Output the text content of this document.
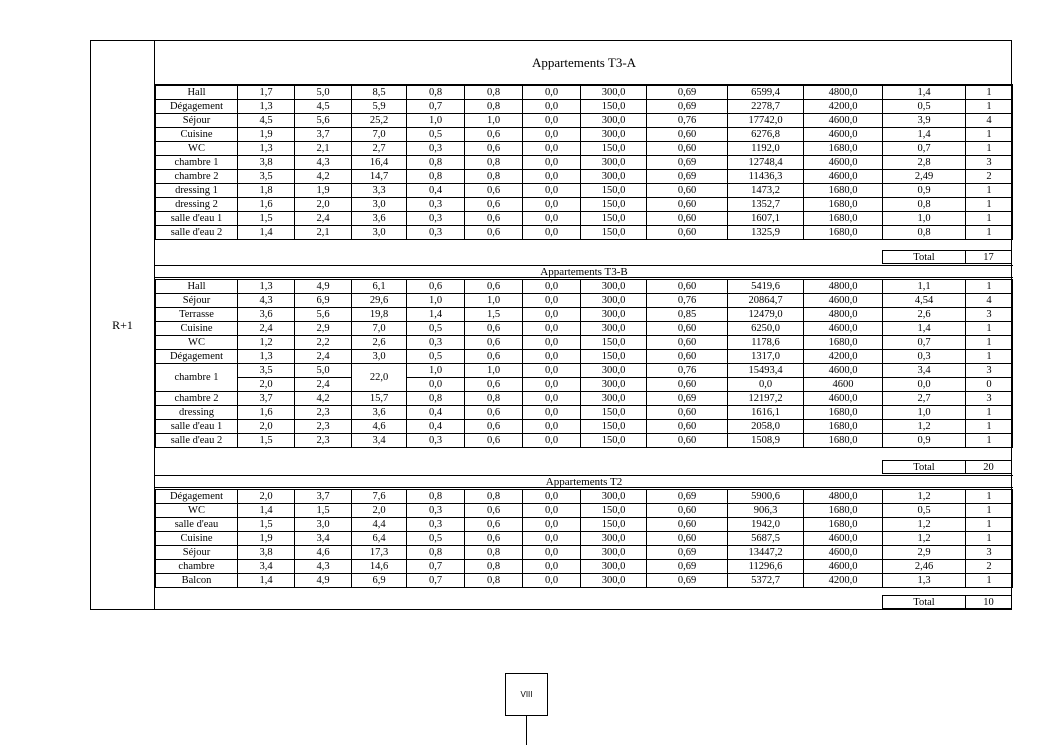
R+1
Appartements T3-A
Hall	1,7	5,0	8,5	0,8	0,8	0,0	300,0	0,69	6599,4	4800,0	1,4	1
Dégagement	1,3	4,5	5,9	0,7	0,8	0,0	150,0	0,69	2278,7	4200,0	0,5	1
Séjour	4,5	5,6	25,2	1,0	1,0	0,0	300,0	0,76	17742,0	4600,0	3,9	4
Cuisine	1,9	3,7	7,0	0,5	0,6	0,0	300,0	0,60	6276,8	4600,0	1,4	1
WC	1,3	2,1	2,7	0,3	0,6	0,0	150,0	0,60	1192,0	1680,0	0,7	1
chambre 1	3,8	4,3	16,4	0,8	0,8	0,0	300,0	0,69	12748,4	4600,0	2,8	3
chambre 2	3,5	4,2	14,7	0,8	0,8	0,0	300,0	0,69	11436,3	4600,0	2,49	2
dressing 1	1,8	1,9	3,3	0,4	0,6	0,0	150,0	0,60	1473,2	1680,0	0,9	1
dressing 2	1,6	2,0	3,0	0,3	0,6	0,0	150,0	0,60	1352,7	1680,0	0,8	1
salle d'eau 1	1,5	2,4	3,6	0,3	0,6	0,0	150,0	0,60	1607,1	1680,0	1,0	1
salle d'eau 2	1,4	2,1	3,0	0,3	0,6	0,0	150,0	0,60	1325,9	1680,0	0,8	1
Total	17
Appartements T3-B
Hall	1,3	4,9	6,1	0,6	0,6	0,0	300,0	0,60	5419,6	4800,0	1,1	1
Séjour	4,3	6,9	29,6	1,0	1,0	0,0	300,0	0,76	20864,7	4600,0	4,54	4
Terrasse	3,6	5,6	19,8	1,4	1,5	0,0	300,0	0,85	12479,0	4800,0	2,6	3
Cuisine	2,4	2,9	7,0	0,5	0,6	0,0	300,0	0,60	6250,0	4600,0	1,4	1
WC	1,2	2,2	2,6	0,3	0,6	0,0	150,0	0,60	1178,6	1680,0	0,7	1
Dégagement	1,3	2,4	3,0	0,5	0,6	0,0	150,0	0,60	1317,0	4200,0	0,3	1
chambre 1	3,5	5,0	22,0	1,0	1,0	0,0	300,0	0,76	15493,4	4600,0	3,4	3
	2,0	2,4		0,0	0,6	0,0	300,0	0,60	0,0	4600	0,0	0
chambre 2	3,7	4,2	15,7	0,8	0,8	0,0	300,0	0,69	12197,2	4600,0	2,7	3
dressing	1,6	2,3	3,6	0,4	0,6	0,0	150,0	0,60	1616,1	1680,0	1,0	1
salle d'eau 1	2,0	2,3	4,6	0,4	0,6	0,0	150,0	0,60	2058,0	1680,0	1,2	1
salle d'eau 2	1,5	2,3	3,4	0,3	0,6	0,0	150,0	0,60	1508,9	1680,0	0,9	1
Total	20
Appartements T2
Dégagement	2,0	3,7	7,6	0,8	0,8	0,0	300,0	0,69	5900,6	4800,0	1,2	1
WC	1,4	1,5	2,0	0,3	0,6	0,0	150,0	0,60	906,3	1680,0	0,5	1
salle d'eau	1,5	3,0	4,4	0,3	0,6	0,0	150,0	0,60	1942,0	1680,0	1,2	1
Cuisine	1,9	3,4	6,4	0,5	0,6	0,0	300,0	0,60	5687,5	4600,0	1,2	1
Séjour	3,8	4,6	17,3	0,8	0,8	0,0	300,0	0,69	13447,2	4600,0	2,9	3
chambre	3,4	4,3	14,6	0,7	0,8	0,0	300,0	0,69	11296,6	4600,0	2,46	2
Balcon	1,4	4,9	6,9	0,7	0,8	0,0	300,0	0,69	5372,7	4200,0	1,3	1
Total	10
VIII
